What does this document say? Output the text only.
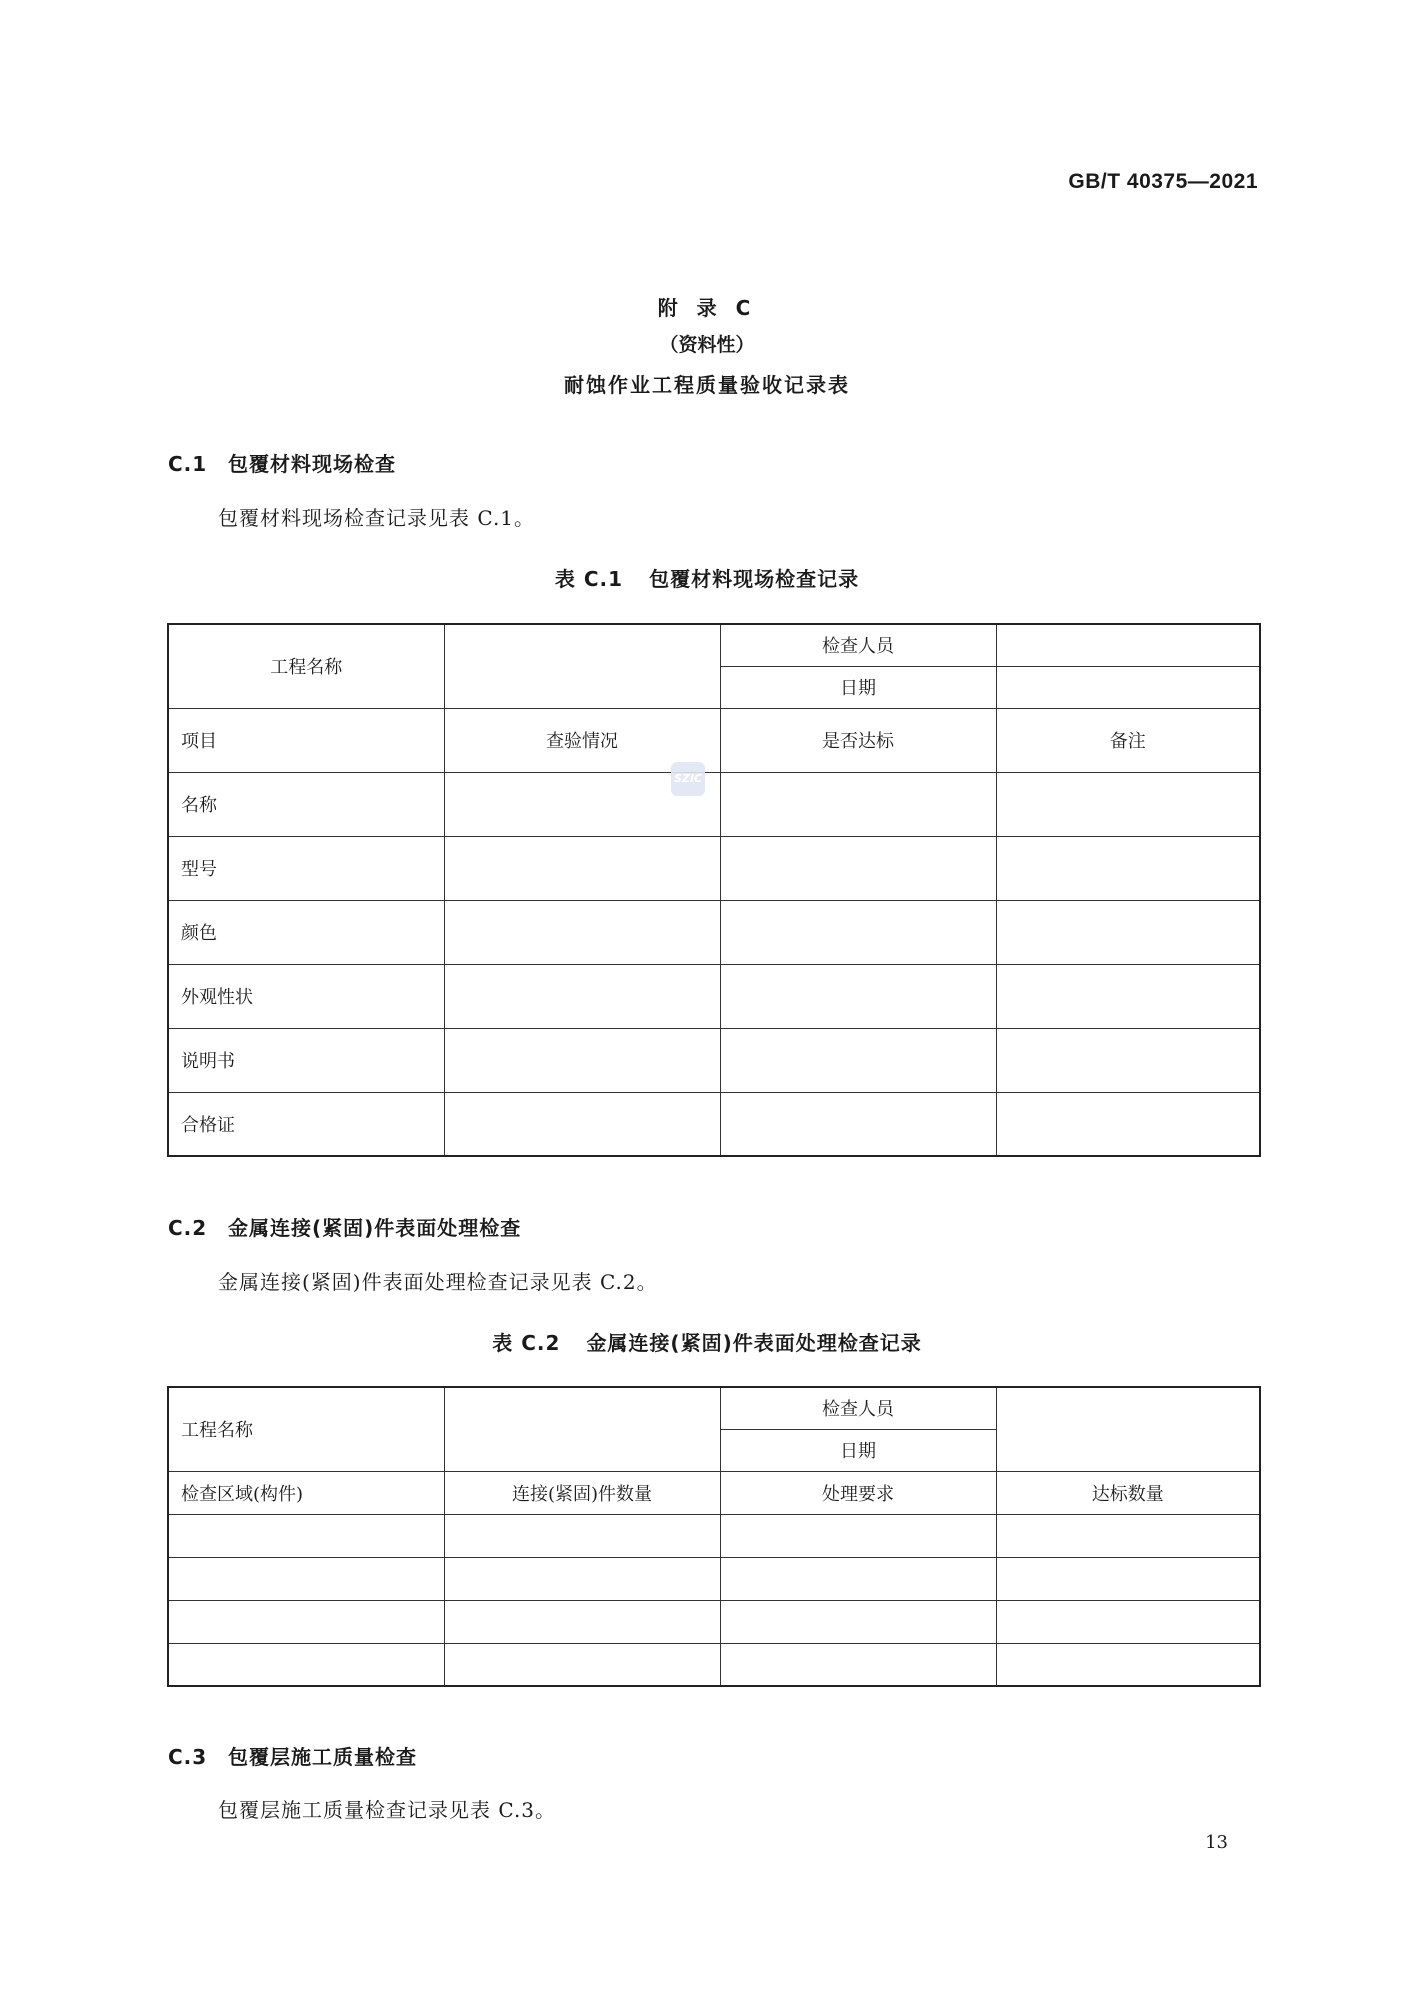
GB/T 40375—2021
附 录 C
（资料性）
耐蚀作业工程质量验收记录表
C.1 包覆材料现场检查
包覆材料现场检查记录见表 C.1。
表 C.1 包覆材料现场检查记录
工程名称		检查人员	
		日期	
项目	查验情况	是否达标	备注
名称			
型号			
颜色			
外观性状			
说明书			
合格证			
SZIC
C.2 金属连接(紧固)件表面处理检查
金属连接(紧固)件表面处理检查记录见表 C.2。
表 C.2 金属连接(紧固)件表面处理检查记录
工程名称		检查人员	
		日期	
检查区域(构件)	连接(紧固)件数量	处理要求	达标数量

C.3 包覆层施工质量检查
包覆层施工质量检查记录见表 C.3。
13
